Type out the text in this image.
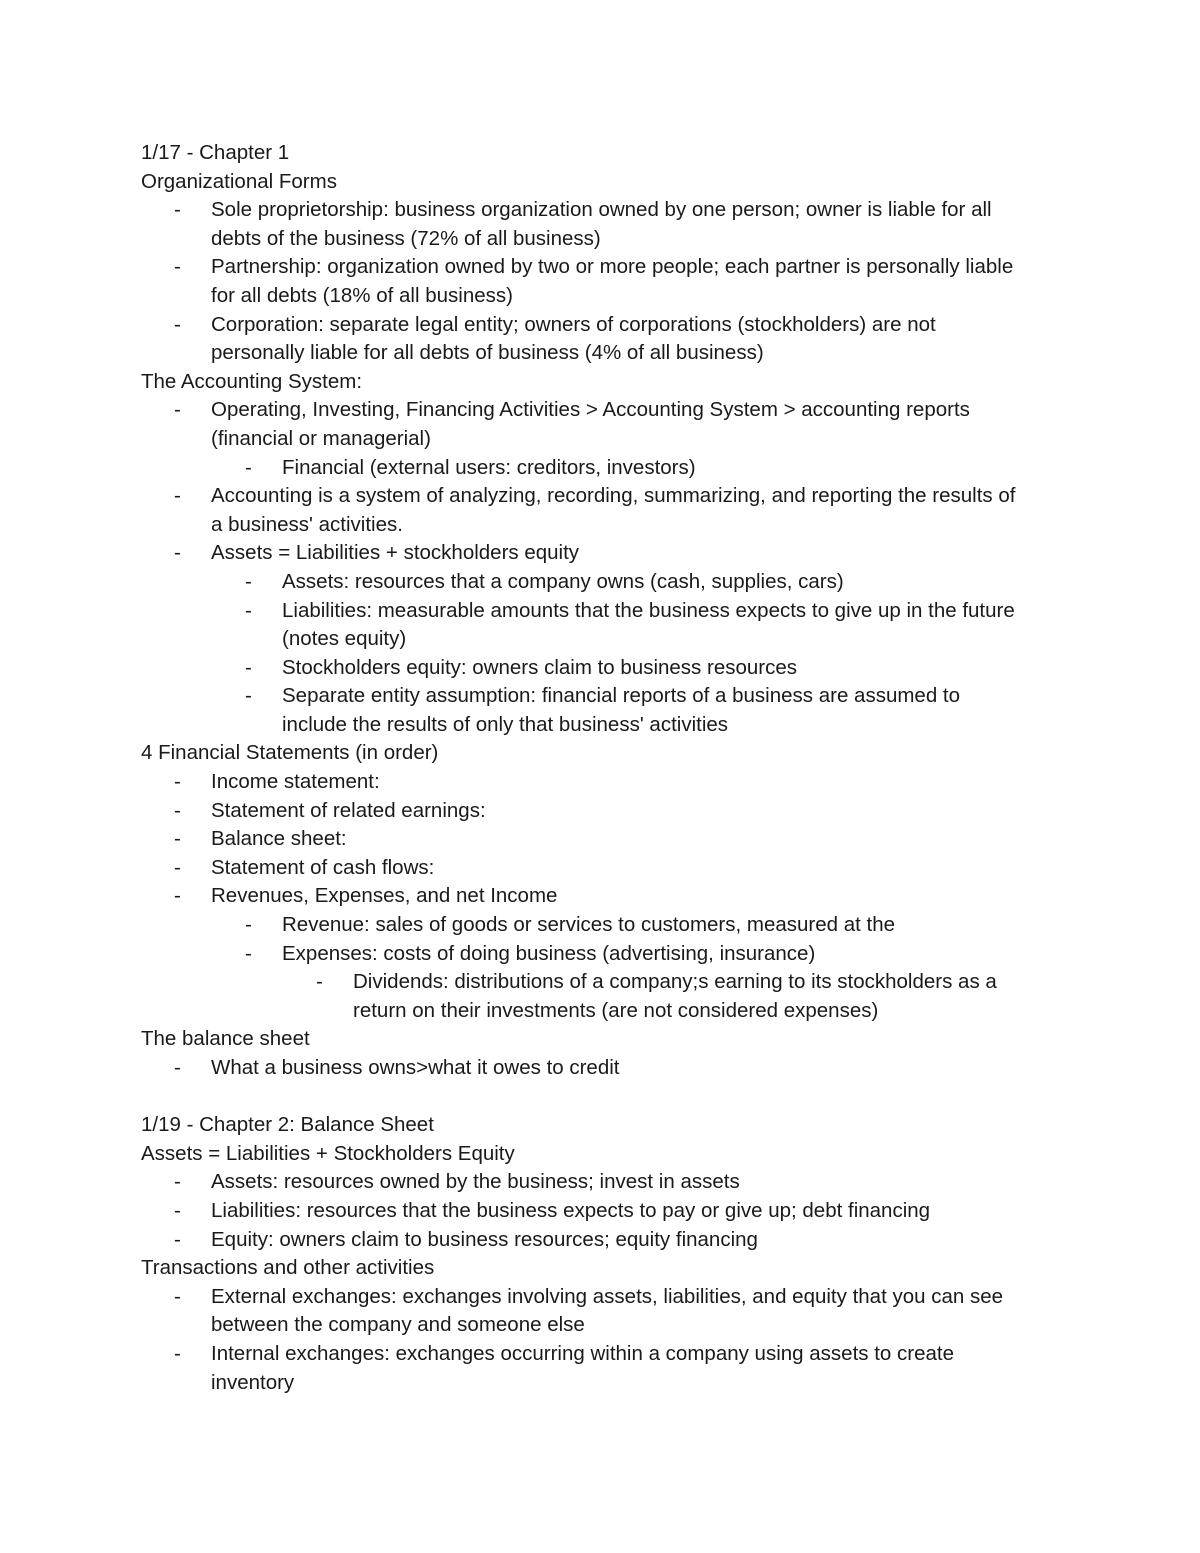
1/17 - Chapter 1
Organizational Forms
- Sole proprietorship: business organization owned by one person; owner is liable for all
debts of the business (72% of all business)
- Partnership: organization owned by two or more people; each partner is personally liable
for all debts (18% of all business)
- Corporation: separate legal entity; owners of corporations (stockholders) are not
personally liable for all debts of business (4% of all business)
The Accounting System:
- Operating, Investing, Financing Activities > Accounting System > accounting reports
(financial or managerial)
- Financial (external users: creditors, investors)
- Accounting is a system of analyzing, recording, summarizing, and reporting the results of
a business' activities.
- Assets = Liabilities + stockholders equity
- Assets: resources that a company owns (cash, supplies, cars)
- Liabilities: measurable amounts that the business expects to give up in the future
(notes equity)
- Stockholders equity: owners claim to business resources
- Separate entity assumption: financial reports of a business are assumed to
include the results of only that business' activities
4 Financial Statements (in order)
- Income statement:
- Statement of related earnings:
- Balance sheet:
- Statement of cash flows:
- Revenues, Expenses, and net Income
- Revenue: sales of goods or services to customers, measured at the
- Expenses: costs of doing business (advertising, insurance)
- Dividends: distributions of a company;s earning to its stockholders as a
return on their investments (are not considered expenses)
The balance sheet
- What a business owns>what it owes to credit
1/19 - Chapter 2: Balance Sheet
Assets = Liabilities + Stockholders Equity
- Assets: resources owned by the business; invest in assets
- Liabilities: resources that the business expects to pay or give up; debt financing
- Equity: owners claim to business resources; equity financing
Transactions and other activities
- External exchanges: exchanges involving assets, liabilities, and equity that you can see
between the company and someone else
- Internal exchanges: exchanges occurring within a company using assets to create
inventory
